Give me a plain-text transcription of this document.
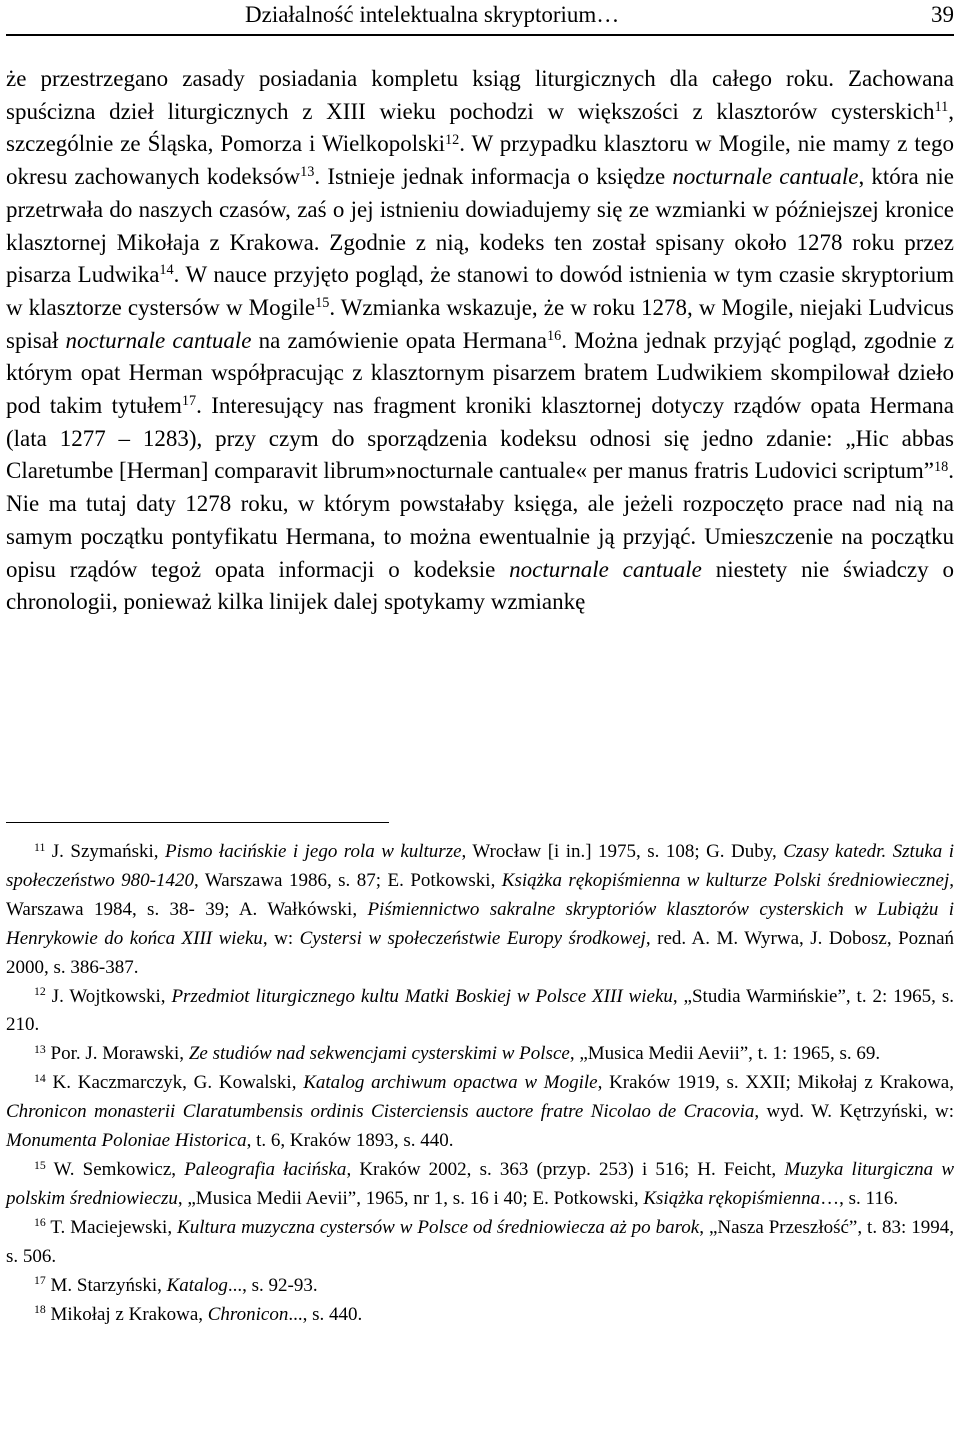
Działalność intelektualna skryptorium…	39
że przestrzegano zasady posiadania kompletu ksiąg liturgicznych dla całego roku. Zachowana spuścizna dzieł liturgicznych z XIII wieku pochodzi w większości z klasztorów cysterskich$^{11}$, szczególnie ze Śląska, Pomorza i Wielkopolski$^{12}$. W przypadku klasztoru w Mogile, nie mamy z tego okresu zachowanych kodeksów$^{13}$. Istnieje jednak informacja o księdze nocturnale cantuale, która nie przetrwała do naszych czasów, zaś o jej istnieniu dowiadujemy się ze wzmianki w późniejszej kronice klasztornej Mikołaja z Krakowa. Zgodnie z nią, kodeks ten został spisany około 1278 roku przez pisarza Ludwika$^{14}$. W nauce przyjęto pogląd, że stanowi to dowód istnienia w tym czasie skryptorium w klasztorze cystersów w Mogile$^{15}$. Wzmianka wskazuje, że w roku 1278, w Mogile, niejaki Ludvicus spisał nocturnale cantuale na zamówienie opata Hermana$^{16}$. Można jednak przyjąć pogląd, zgodnie z którym opat Herman współpracując z klasztornym pisarzem bratem Ludwikiem skompilował dzieło pod takim tytułem$^{17}$. Interesujący nas fragment kroniki klasztornej dotyczy rządów opata Hermana (lata 1277 – 1283), przy czym do sporządzenia kodeksu odnosi się jedno zdanie: „Hic abbas Claretumbe [Herman] comparavit librum»nocturnale cantuale« per manus fratris Ludovici scriptum”$^{18}$. Nie ma tutaj daty 1278 roku, w którym powstałaby księga, ale jeżeli rozpoczęto prace nad nią na samym początku pontyfikatu Hermana, to można ewentualnie ją przyjąć. Umieszczenie na początku opisu rządów tegoż opata informacji o kodeksie nocturnale cantuale niestety nie świadczy o chronologii, ponieważ kilka linijek dalej spotykamy wzmiankę

$^{11}$ J. Szymański, Pismo łacińskie i jego rola w kulturze, Wrocław [i in.] 1975, s. 108; G. Duby, Czasy katedr. Sztuka i społeczeństwo 980-1420, Warszawa 1986, s. 87; E. Potkowski, Książka rękopiśmienna w kulturze Polski średniowiecznej, Warszawa 1984, s. 38- 39; A. Wałkówski, Piśmiennictwo sakralne skryptoriów klasztorów cysterskich w Lubiążu i Henrykowie do końca XIII wieku, w: Cystersi w społeczeństwie Europy środkowej, red. A. M. Wyrwa, J. Dobosz, Poznań 2000, s. 386-387.

$^{12}$ J. Wojtkowski, Przedmiot liturgicznego kultu Matki Boskiej w Polsce XIII wieku, „Studia Warmińskie”, t. 2: 1965, s. 210.

$^{13}$ Por. J. Morawski, Ze studiów nad sekwencjami cysterskimi w Polsce, „Musica Medii Aevii”, t. 1: 1965, s. 69.

$^{14}$ K. Kaczmarczyk, G. Kowalski, Katalog archiwum opactwa w Mogile, Kraków 1919, s. XXII; Mikołaj z Krakowa, Chronicon monasterii Claratumbensis ordinis Cisterciensis auctore fratre Nicolao de Cracovia, wyd. W. Kętrzyński, w: Monumenta Poloniae Historica, t. 6, Kraków 1893, s. 440.

$^{15}$ W. Semkowicz, Paleografia łacińska, Kraków 2002, s. 363 (przyp. 253) i 516; H. Feicht, Muzyka liturgiczna w polskim średniowieczu, „Musica Medii Aevii”, 1965, nr 1, s. 16 i 40; E. Potkowski, Książka rękopiśmienna…, s. 116.

$^{16}$ T. Maciejewski, Kultura muzyczna cystersów w Polsce od średniowiecza aż po barok, „Nasza Przeszłość”, t. 83: 1994, s. 506.

$^{17}$ M. Starzyński, Katalog..., s. 92-93.

$^{18}$ Mikołaj z Krakowa, Chronicon..., s. 440.
